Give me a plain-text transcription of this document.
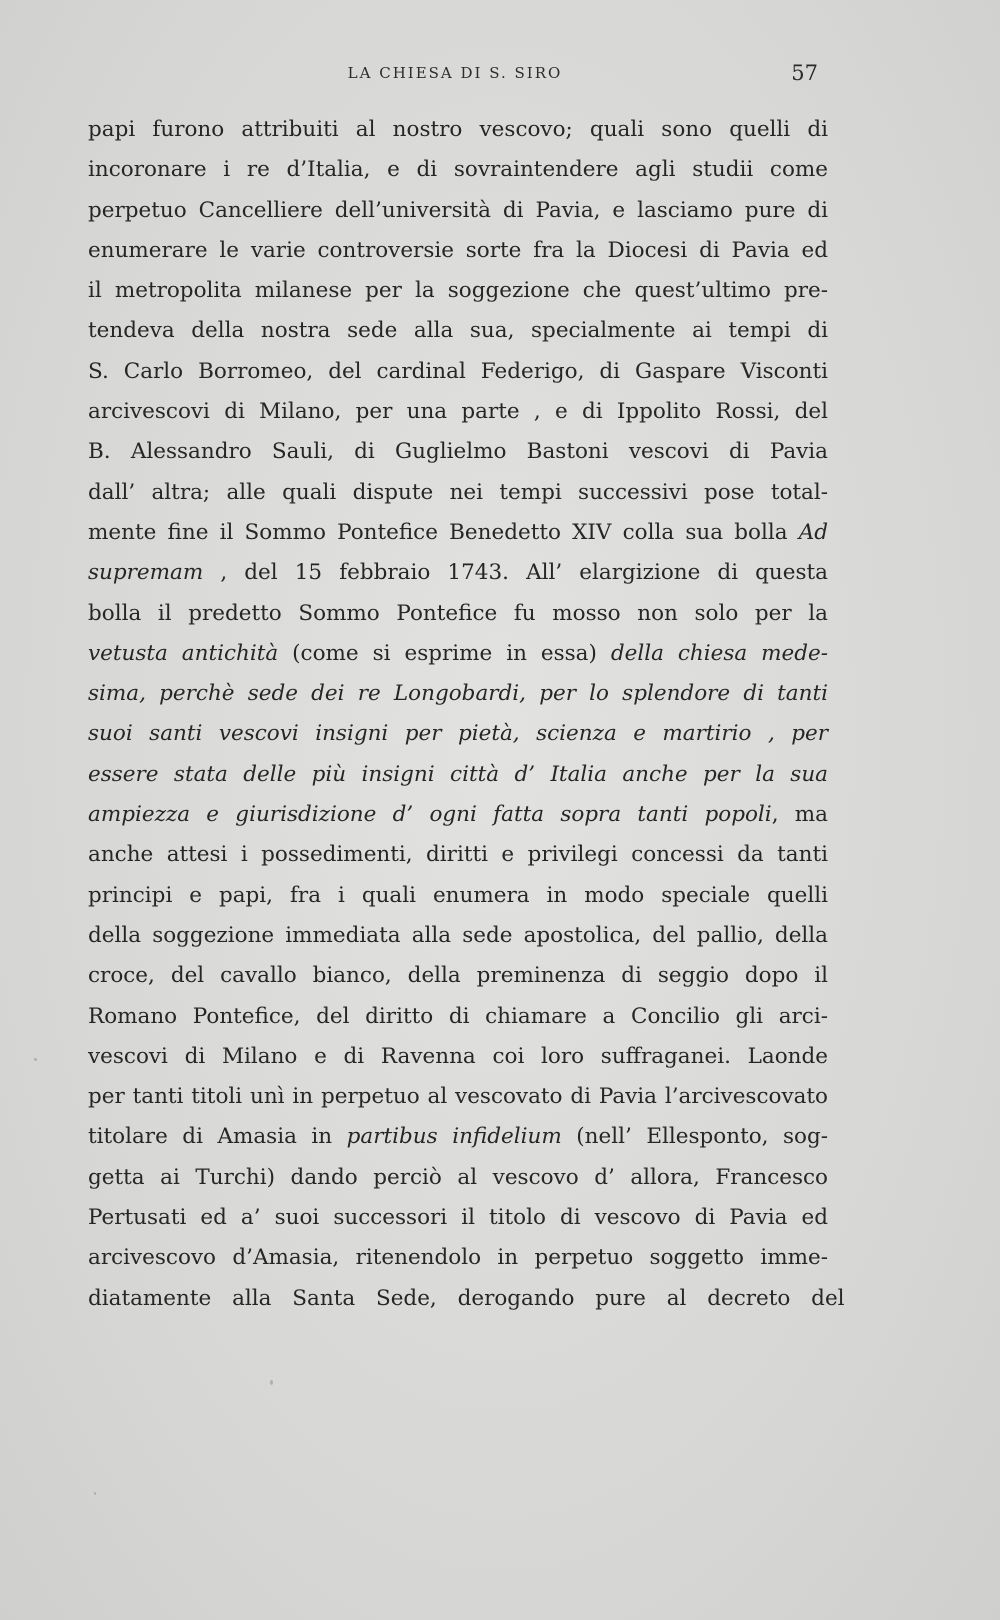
LA CHIESA DI S. SIRO	57
papi furono attribuiti al nostro vescovo; quali sono quelli di
incoronare i re d’Italia, e di sovraintendere agli studii come
perpetuo Cancelliere dell’università di Pavia, e lasciamo pure di
enumerare le varie controversie sorte fra la Diocesi di Pavia ed
il metropolita milanese per la soggezione che quest’ultimo pre-
tendeva della nostra sede alla sua, specialmente ai tempi di
S. Carlo Borromeo, del cardinal Federigo, di Gaspare Visconti
arcivescovi di Milano, per una parte , e di Ippolito Rossi, del
B. Alessandro Sauli, di Guglielmo Bastoni vescovi di Pavia
dall’ altra; alle quali dispute nei tempi successivi pose total-
mente fine il Sommo Pontefice Benedetto XIV colla sua bolla Ad
supremam , del 15 febbraio 1743. All’ elargizione di questa
bolla il predetto Sommo Pontefice fu mosso non solo per la
vetusta antichità (come si esprime in essa) della chiesa mede-
sima, perchè sede dei re Longobardi, per lo splendore di tanti
suoi santi vescovi insigni per pietà, scienza e martirio , per
essere stata delle più insigni città d’ Italia anche per la sua
ampiezza e giurisdizione d’ ogni fatta sopra tanti popoli, ma
anche attesi i possedimenti, diritti e privilegi concessi da tanti
principi e papi, fra i quali enumera in modo speciale quelli
della soggezione immediata alla sede apostolica, del pallio, della
croce, del cavallo bianco, della preminenza di seggio dopo il
Romano Pontefice, del diritto di chiamare a Concilio gli arci-
vescovi di Milano e di Ravenna coi loro suffraganei. Laonde
per tanti titoli unì in perpetuo al vescovato di Pavia l’arcivescovato
titolare di Amasia in partibus infidelium (nell’ Ellesponto, sog-
getta ai Turchi) dando perciò al vescovo d’ allora, Francesco
Pertusati ed a’ suoi successori il titolo di vescovo di Pavia ed
arcivescovo d’Amasia, ritenendolo in perpetuo soggetto imme-
diatamente alla Santa Sede, derogando pure al decreto del
